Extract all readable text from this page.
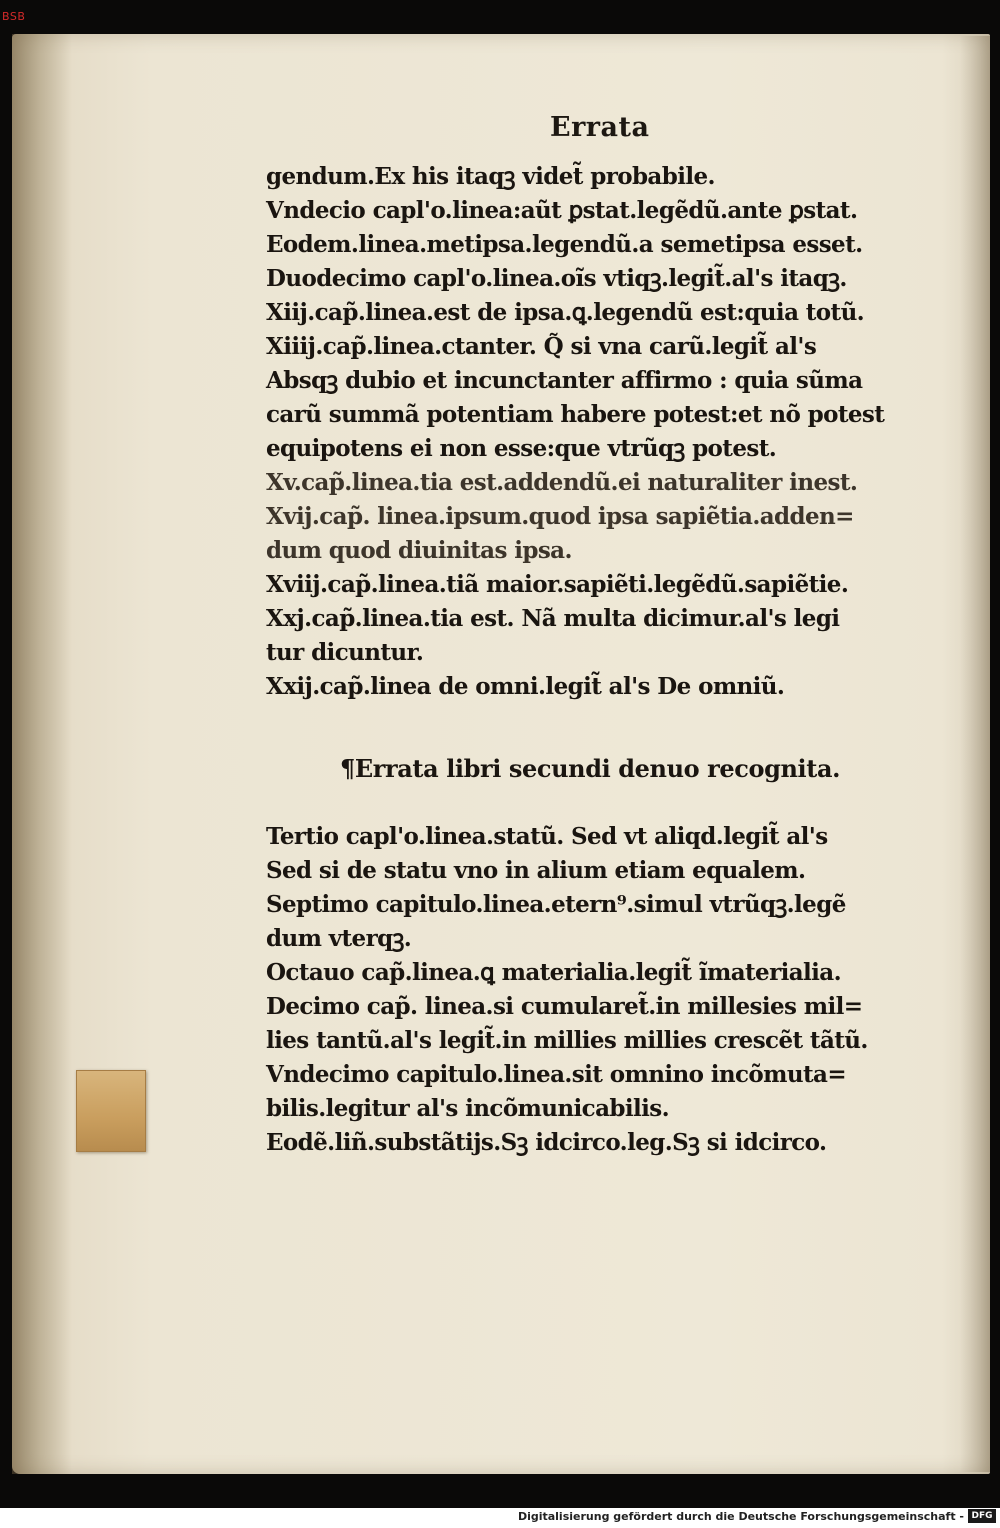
BSB
Errata
gendum.Ex his itaqꝫ videt̃ probabile.
Vndecio capl'o.linea:aũt ꝑstat.legẽdũ.ante ꝑstat.
Eodem.linea.metipsa.legendũ.a semetipsa esset.
Duodecimo capl'o.linea.oĩs vtiqꝫ.legit̃.al's itaqꝫ.
Xiij.cap̃.linea.est de ipsa.ꝗ.legendũ est:quia totũ.
Xiiij.cap̃.linea.ctanter. Q̃ si vna carũ.legit̃ al's
Absqꝫ dubio et incunctanter affirmo : quia sũma
carũ summã potentiam habere potest:et nõ potest
equipotens ei non esse:que vtrũqꝫ potest.
Xv.cap̃.linea.tia est.addendũ.ei naturaliter inest.
Xvij.cap̃. linea.ipsum.quod ipsa sapiẽtia.adden=
dum quod diuinitas ipsa.
Xviij.cap̃.linea.tiã maior.sapiẽti.legẽdũ.sapiẽtie.
Xxj.cap̃.linea.tia est. Nã multa dicimur.al's legi
tur dicuntur.
Xxij.cap̃.linea de omni.legit̃ al's De omniũ.
¶Errata libri secundi denuo recognita.
Tertio capl'o.linea.statũ. Sed vt aliqd.legit̃ al's
Sed si de statu vno in alium etiam equalem.
Septimo capitulo.linea.etern⁹.simul vtrũqꝫ.legẽ
dum vterqꝫ.
Octauo cap̃.linea.ꝗ materialia.legit̃ ĩmaterialia.
Decimo cap̃. linea.si cumularet̃.in millesies mil=
lies tantũ.al's legit̃.in millies millies crescẽt tãtũ.
Vndecimo capitulo.linea.sit omnino incõmuta=
bilis.legitur al's incõmunicabilis.
Eodẽ.liñ.substãtijs.Sꝫ idcirco.leg.Sꝫ si idcirco.
Digitalisierung gefördert durch die Deutsche Forschungsgemeinschaft - DFG
